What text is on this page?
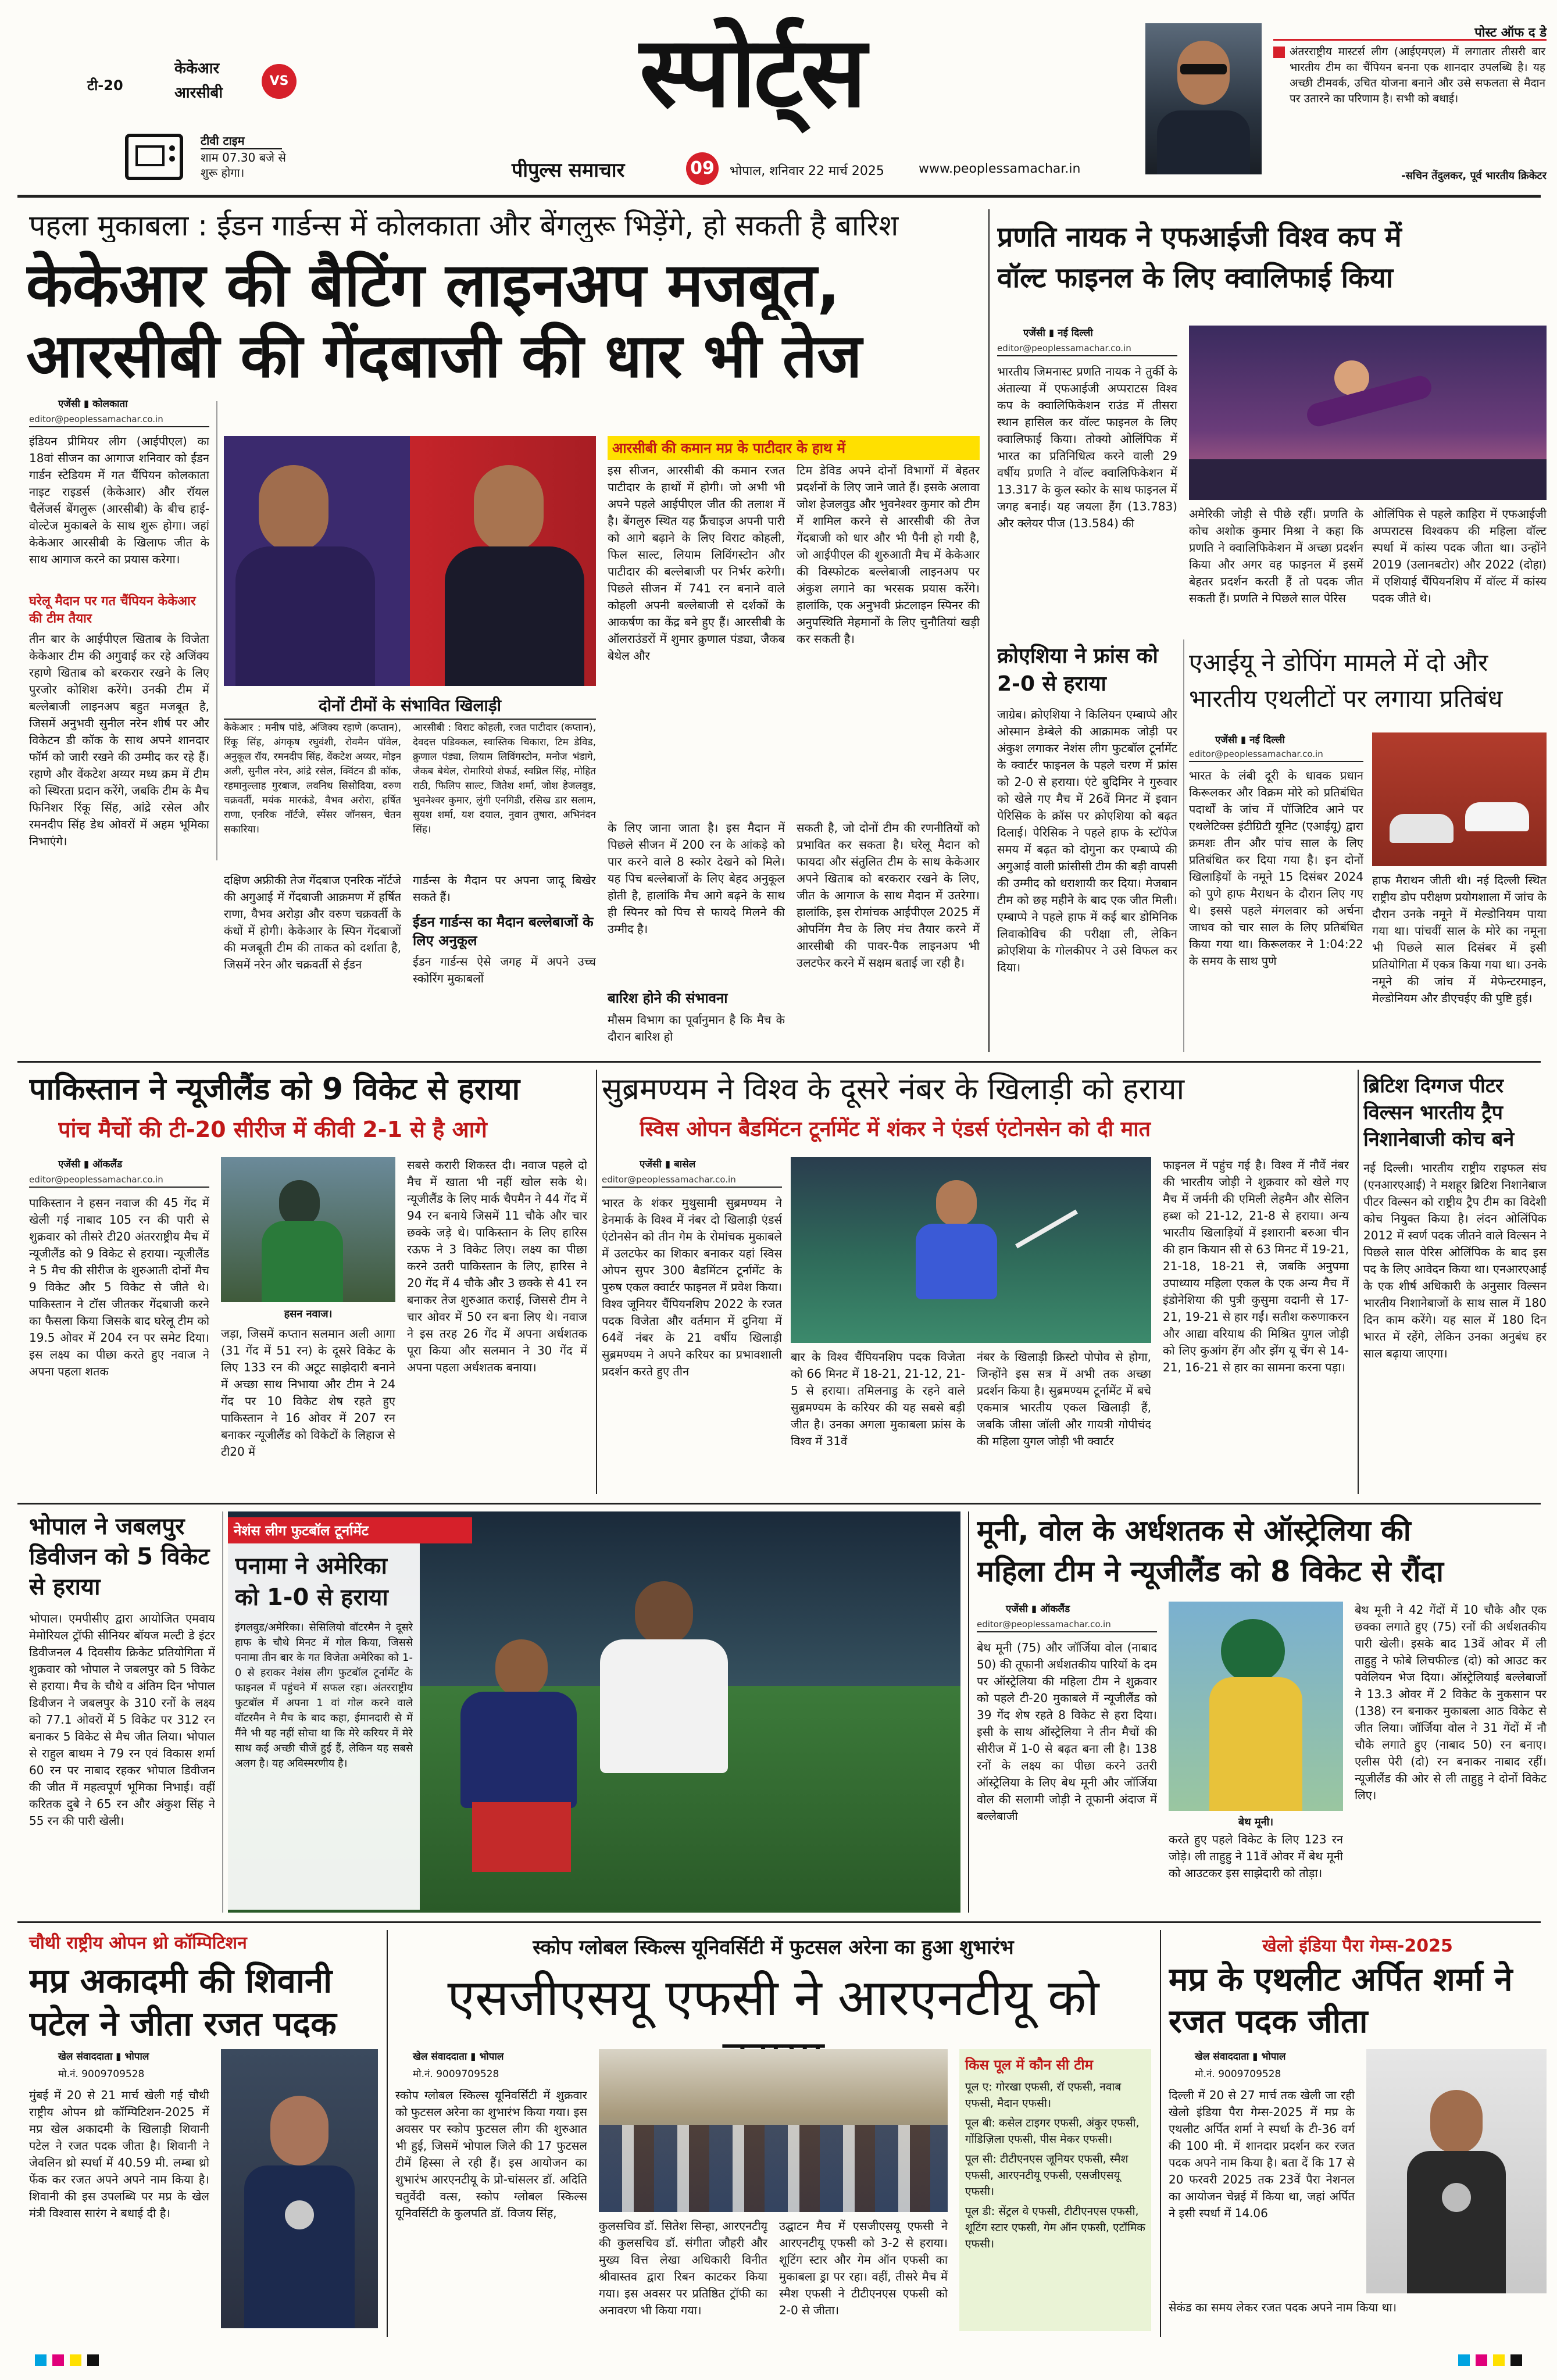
टी-20
केकेआर
आरसीबी
VS
टीवी टाइम
शाम 07.30 बजे से शुरू होगा।
स्पोर्ट्स
पीपुल्स समाचार	09	भोपाल, शनिवार 22 मार्च 2025	www.peoplessamachar.in
पोस्ट ऑफ द डे
अंतरराष्ट्रीय मास्टर्स लीग (आईएमएल) में लगातार तीसरी बार भारतीय टीम का चैंपियन बनना एक शानदार उपलब्धि है। यह अच्छी टीमवर्क, उचित योजना बनाने और उसे सफलता से मैदान पर उतारने का परिणाम है। सभी को बधाई।
-सचिन तेंदुलकर, पूर्व भारतीय क्रिकेटर
पहला मुकाबला : ईडन गार्डन्स में कोलकाता और बेंगलुरू भिड़ेंगे, हो सकती है बारिश
केकेआर की बैटिंग लाइनअप मजबूत,
आरसीबी की गेंदबाजी की धार भी तेज
एजेंसी ▮ कोलकाता
editor@peoplessamachar.co.in
इंडियन प्रीमियर लीग (आईपीएल) का 18वां सीजन का आगाज शनिवार को ईडन गार्डन स्टेडियम में गत चैंपियन कोलकाता नाइट राइडर्स (केकेआर) और रॉयल चैलेंजर्स बेंगलुरू (आरसीबी) के बीच हाई-वोल्टेज मुकाबले के साथ शुरू होगा। जहां केकेआर आरसीबी के खिलाफ जीत के साथ आगाज करने का प्रयास करेगा।
घरेलू मैदान पर गत चैंपियन केकेआर की टीम तैयार
तीन बार के आईपीएल खिताब के विजेता केकेआर टीम की अगुवाई कर रहे अजिंक्य रहाणे खिताब को बरकरार रखने के लिए पुरजोर कोशिश करेंगे। उनकी टीम में बल्लेबाजी लाइनअप बहुत मजबूत है, जिसमें अनुभवी सुनील नरेन शीर्ष पर और विकेटन डी कॉक के साथ अपने शानदार फॉर्म को जारी रखने की उम्मीद कर रहे हैं। रहाणे और वेंकटेश अय्यर मध्य क्रम में टीम को स्थिरता प्रदान करेंगे, जबकि टीम के मैच फिनिशर रिंकू सिंह, आंद्रे रसेल और रमनदीप सिंह डेथ ओवरों में अहम भूमिका निभाएंगे।
दोनों टीमों के संभावित खिलाड़ी
केकेआर : मनीष पांडे, अंजिक्य रहाणे (कप्तान), रिंकू सिंह, अंगकृष रघुवंशी, रोवमैन पॉवेल, अनुकूल रॉय, रमनदीप सिंह, वेंकटेश अय्यर, मोइन अली, सुनील नरेन, आंद्रे रसेल, क्विंटन डी कॉक, रहमानुल्लाह गुरबाज, लवनिथ सिसोदिया, वरुण चक्रवर्ती, मयंक मारकंडे, वैभव अरोरा, हर्षित राणा, एनरिक नॉर्टजे, स्पेंसर जॉनसन, चेतन सकारिया।
आरसीबी : विराट कोहली, रजत पाटीदार (कप्तान), देवदत्त पडिक्कल, स्वास्तिक चिकारा, टिम डेविड, क्रुणाल पंड्या, लियाम लिविंगस्टोन, मनोज भंडागे, जैकब बेथेल, रोमारियो शेफर्ड, स्वप्निल सिंह, मोहित राठी, फिलिप साल्ट, जितेश शर्मा, जोश हेजलवुड, भुवनेश्वर कुमार, लुंगी एनगिडी, रसिख डार सलाम, सुयश शर्मा, यश दयाल, नुवान तुषारा, अभिनंदन सिंह।
दक्षिण अफ्रीकी तेज गेंदबाज एनरिक नॉर्टजे की अगुआई में गेंदबाजी आक्रमण में हर्षित राणा, वैभव अरोड़ा और वरुण चक्रवर्ती के कंधों में होगी। केकेआर के स्पिन गेंदबाजों की मजबूती टीम की ताकत को दर्शाता है, जिसमें नरेन और चक्रवर्ती से ईडन
गार्डन्स के मैदान पर अपना जादू बिखेर सकते हैं।
ईडन गार्डन्स का मैदान बल्लेबाजों के लिए अनुकूल
ईडन गार्डन्स ऐसे जगह में अपने उच्च स्कोरिंग मुकाबलों
आरसीबी की कमान मप्र के पाटीदार के हाथ में
इस सीजन, आरसीबी की कमान रजत पाटीदार के हाथों में होगी। जो अभी भी अपने पहले आईपीएल जीत की तलाश में है। बेंगलुरु स्थित यह फ्रैंचाइज अपनी पारी को आगे बढ़ाने के लिए विराट कोहली, फिल साल्ट, लियाम लिविंगस्टोन और पाटीदार की बल्लेबाजी पर निर्भर करेगी। पिछले सीजन में 741 रन बनाने वाले कोहली अपनी बल्लेबाजी से दर्शकों के आकर्षण का केंद्र बने हुए हैं। आरसीबी के ऑलराउंडरों में शुमार क्रुणाल पंड्या, जैकब बेथेल और
टिम डेविड अपने दोनों विभागों में बेहतर प्रदर्शनों के लिए जाने जाते हैं। इसके अलावा जोश हेजलवुड और भुवनेश्वर कुमार को टीम में शामिल करने से आरसीबी की तेज गेंदबाजी को धार और भी पैनी हो गयी है, जो आईपीएल की शुरुआती मैच में केकेआर की विस्फोटक बल्लेबाजी लाइनअप पर अंकुश लगाने का भरसक प्रयास करेंगे। हालांकि, एक अनुभवी फ्रंटलाइन स्पिनर की अनुपस्थिति मेहमानों के लिए चुनौतियां खड़ी कर सकती है।
के लिए जाना जाता है। इस मैदान में पिछले सीजन में 200 रन के आंकड़े को पार करने वाले 8 स्कोर देखने को मिले। यह पिच बल्लेबाजों के लिए बेहद अनुकूल होती है, हालांकि मैच आगे बढ़ने के साथ ही स्पिनर को पिच से फायदे मिलने की उम्मीद है।
बारिश होने की संभावना
मौसम विभाग का पूर्वानुमान है कि मैच के दौरान बारिश हो
सकती है, जो दोनों टीम की रणनीतियों को प्रभावित कर सकता है। घरेलू मैदान को फायदा और संतुलित टीम के साथ केकेआर अपने खिताब को बरकरार रखने के लिए, जीत के आगाज के साथ मैदान में उतरेगा। हालांकि, इस रोमांचक आईपीएल 2025 में ओपनिंग मैच के लिए मंच तैयार करने में आरसीबी की पावर-पैक लाइनअप भी उलटफेर करने में सक्षम बताई जा रही है।
प्रणति नायक ने एफआईजी विश्व कप में
वॉल्ट फाइनल के लिए क्वालिफाई किया
एजेंसी ▮ नई दिल्ली
editor@peoplessamachar.co.in
भारतीय जिमनास्ट प्रणति नायक ने तुर्की के अंताल्या में एफआईजी अप्पराटस विश्व कप के क्वालिफिकेशन राउंड में तीसरा स्थान हासिल कर वॉल्ट फाइनल के लिए क्वालिफाई किया। तोक्यो ओलिंपिक में भारत का प्रतिनिधित्व करने वाली 29 वर्षीय प्रणति ने वॉल्ट क्वालिफिकेशन में 13.317 के कुल स्कोर के साथ फाइनल में जगह बनाई। यह जयला हैंग (13.783) और क्लेयर पीज (13.584) की
अमेरिकी जोड़ी से पीछे रहीं। प्रणति के कोच अशोक कुमार मिश्रा ने कहा कि प्रणति ने क्वालिफिकेशन में अच्छा प्रदर्शन किया और अगर वह फाइनल में इसमें बेहतर प्रदर्शन करती हैं तो पदक जीत सकती हैं। प्रणति ने पिछले साल पेरिस
ओलिंपिक से पहले काहिरा में एफआईजी अप्पराटस विश्वकप की महिला वॉल्ट स्पर्धा में कांस्य पदक जीता था। उन्होंने 2019 (उलानबटोर) और 2022 (दोहा) में एशियाई चैंपियनशिप में वॉल्ट में कांस्य पदक जीते थे।
क्रोएशिया ने फ्रांस को 2-0 से हराया
जाग्रेब। क्रोएशिया ने किलियन एम्बाप्पे और ओस्मान डेम्बेले की आक्रामक जोड़ी पर अंकुश लगाकर नेशंस लीग फुटबॉल टूर्नामेंट के क्वार्टर फाइनल के पहले चरण में फ्रांस को 2-0 से हराया। एंटे बुदिमिर ने गुरुवार को खेले गए मैच में 26वें मिनट में इवान पेरिसिक के क्रॉस पर क्रोएशिया को बढ़त दिलाई। पेरिसिक ने पहले हाफ के स्टॉपेज समय में बढ़त को दोगुना कर एम्बाप्पे की अगुआई वाली फ्रांसीसी टीम की बड़ी वापसी की उम्मीद को धराशायी कर दिया। मेजबान टीम को छह महीने के बाद एक जीत मिली। एम्बाप्पे ने पहले हाफ में कई बार डोमिनिक लिवाकोविच की परीक्षा ली, लेकिन क्रोएशिया के गोलकीपर ने उसे विफल कर दिया।
एआईयू ने डोपिंग मामले में दो और
भारतीय एथलीटों पर लगाया प्रतिबंध
एजेंसी ▮ नई दिल्ली
editor@peoplessamachar.co.in
भारत के लंबी दूरी के धावक प्रधान किरूलकर और विक्रम मोरे को प्रतिबंधित पदार्थों के जांच में पॉजिटिव आने पर एथलेटिक्स इंटीग्रिटी यूनिट (एआईयू) द्वारा क्रमशः तीन और पांच साल के लिए प्रतिबंधित कर दिया गया है। इन दोनों खिलाड़ियों के नमूने 15 दिसंबर 2024 को पुणे हाफ मैराथन के दौरान लिए गए थे। इससे पहले मंगलवार को अर्चना जाधव को चार साल के लिए प्रतिबंधित किया गया था। किरूलकर ने 1:04:22 के समय के साथ पुणे
हाफ मैराथन जीती थी। नई दिल्ली स्थित राष्ट्रीय डोप परीक्षण प्रयोगशाला में जांच के दौरान उनके नमूने में मेल्डोनियम पाया गया था। पांचवीं साल के मोरे का नमूना भी पिछले साल दिसंबर में इसी प्रतियोगिता में एकत्र किया गया था। उनके नमूने की जांच में मेफेन्टरमाइन, मेल्डोनियम और डीएचईए की पुष्टि हुई।
पाकिस्तान ने न्यूजीलैंड को 9 विकेट से हराया
पांच मैचों की टी-20 सीरीज में कीवी 2-1 से है आगे
एजेंसी ▮ ऑकलैंड
editor@peoplessamachar.co.in
पाकिस्तान ने हसन नवाज की 45 गेंद में खेली गई नाबाद 105 रन की पारी से शुक्रवार को तीसरे टी20 अंतरराष्ट्रीय मैच में न्यूजीलैंड को 9 विकेट से हराया। न्यूजीलैंड ने 5 मैच की सीरीज के शुरुआती दोनों मैच 9 विकेट और 5 विकेट से जीते थे। पाकिस्तान ने टॉस जीतकर गेंदबाजी करने का फैसला किया जिसके बाद घरेलू टीम को 19.5 ओवर में 204 रन पर समेट दिया। इस लक्ष्य का पीछा करते हुए नवाज ने अपना पहला शतक
हसन नवाज।
जड़ा, जिसमें कप्तान सलमान अली आगा (31 गेंद में 51 रन) के दूसरे विकेट के लिए 133 रन की अटूट साझेदारी बनाने में अच्छा साथ निभाया और टीम ने 24 गेंद पर 10 विकेट शेष रहते हुए पाकिस्तान ने 16 ओवर में 207 रन बनाकर न्यूजीलैंड को विकेटों के लिहाज से टी20 में
सबसे करारी शिकस्त दी। नवाज पहले दो मैच में खाता भी नहीं खोल सके थे। न्यूजीलैंड के लिए मार्क चैपमैन ने 44 गेंद में 94 रन बनाये जिसमें 11 चौके और चार छक्के जड़े थे। पाकिस्तान के लिए हारिस रऊफ ने 3 विकेट लिए। लक्ष्य का पीछा करने उतरी पाकिस्तान के लिए, हारिस ने 20 गेंद में 4 चौके और 3 छक्के से 41 रन बनाकर तेज शुरुआत कराई, जिससे टीम ने चार ओवर में 50 रन बना लिए थे। नवाज ने इस तरह 26 गेंद में अपना अर्धशतक पूरा किया और सलमान ने 30 गेंद में अपना पहला अर्धशतक बनाया।
सुब्रमण्यम ने विश्व के दूसरे नंबर के खिलाड़ी को हराया
स्विस ओपन बैडमिंटन टूर्नामेंट में शंकर ने एंडर्स एंटोनसेन को दी मात
एजेंसी ▮ बासेल
editor@peoplessamachar.co.in
भारत के शंकर मुथुसामी सुब्रमण्यम ने डेनमार्क के विश्व में नंबर दो खिलाड़ी एंडर्स एंटोनसेन को तीन गेम के रोमांचक मुकाबले में उलटफेर का शिकार बनाकर यहां स्विस ओपन सुपर 300 बैडमिंटन टूर्नामेंट के पुरुष एकल क्वार्टर फाइनल में प्रवेश किया। विश्व जूनियर चैंपियनशिप 2022 के रजत पदक विजेता और वर्तमान में दुनिया में 64वें नंबर के 21 वर्षीय खिलाड़ी सुब्रमण्यम ने अपने करियर का प्रभावशाली प्रदर्शन करते हुए तीन
बार के विश्व चैंपियनशिप पदक विजेता को 66 मिनट में 18-21, 21-12, 21-5 से हराया। तमिलनाडु के रहने वाले सुब्रमण्यम के करियर की यह सबसे बड़ी जीत है। उनका अगला मुकाबला फ्रांस के विश्व में 31वें
नंबर के खिलाड़ी क्रिस्टो पोपोव से होगा, जिन्होंने इस सत्र में अभी तक अच्छा प्रदर्शन किया है। सुब्रमण्यम टूर्नामेंट में बचे एकमात्र भारतीय एकल खिलाड़ी हैं, जबकि जीसा जॉली और गायत्री गोपीचंद की महिला युगल जोड़ी भी क्वार्टर
फाइनल में पहुंच गई है। विश्व में नौवें नंबर की भारतीय जोड़ी ने शुक्रवार को खेले गए मैच में जर्मनी की एमिली लेहमैन और सेलिन हब्श को 21-12, 21-8 से हराया। अन्य भारतीय खिलाड़ियों में इशारानी बरुआ चीन की हान कियान सी से 63 मिनट में 19-21, 21-18, 18-21 से, जबकि अनुपमा उपाध्याय महिला एकल के एक अन्य मैच में इंडोनेशिया की पुत्री कुसुमा वदानी से 17-21, 19-21 से हार गईं। सतीश करुणाकरन और आद्या वरियाथ की मिश्रित युगल जोड़ी को लिए कुआंग हेंग और झेंग यू चेंग से 14-21, 16-21 से हार का सामना करना पड़ा।
ब्रिटिश दिग्गज पीटर विल्सन भारतीय ट्रैप निशानेबाजी कोच बने
नई दिल्ली। भारतीय राष्ट्रीय राइफल संघ (एनआरएआई) ने मशहूर ब्रिटिश निशानेबाज पीटर विल्सन को राष्ट्रीय ट्रैप टीम का विदेशी कोच नियुक्त किया है। लंदन ओलिंपिक 2012 में स्वर्ण पदक जीतने वाले विल्सन ने पिछले साल पेरिस ओलिंपिक के बाद इस पद के लिए आवेदन किया था। एनआरएआई के एक शीर्ष अधिकारी के अनुसार विल्सन भारतीय निशानेबाजों के साथ साल में 180 दिन काम करेंगे। यह साल में 180 दिन भारत में रहेंगे, लेकिन उनका अनुबंध हर साल बढ़ाया जाएगा।
भोपाल ने जबलपुर डिवीजन को 5 विकेट से हराया
भोपाल। एमपीसीए द्वारा आयोजित एमवाय मेमोरियल ट्रॉफी सीनियर बॉयज मल्टी डे इंटर डिवीजनल 4 दिवसीय क्रिकेट प्रतियोगिता में शुक्रवार को भोपाल ने जबलपुर को 5 विकेट से हराया। मैच के चौथे व अंतिम दिन भोपाल डिवीजन ने जबलपुर के 310 रनों के लक्ष्य को 77.1 ओवरों में 5 विकेट पर 312 रन बनाकर 5 विकेट से मैच जीत लिया। भोपाल से राहुल बाथम ने 79 रन एवं विकास शर्मा 60 रन पर नाबाद रहकर भोपाल डिवीजन की जीत में महत्वपूर्ण भूमिका निभाई। वहीं करितक दुबे ने 65 रन और अंकुश सिंह ने 55 रन की पारी खेली।
नेशंस लीग फुटबॉल टूर्नामेंट
पनामा ने अमेरिका को 1-0 से हराया
इंगलवुड/अमेरिका। सेसिलियो वॉटरमैन ने दूसरे हाफ के चौथे मिनट में गोल किया, जिससे पनामा तीन बार के गत विजेता अमेरिका को 1-0 से हराकर नेशंस लीग फुटबॉल टूर्नामेंट के फाइनल में पहुंचने में सफल रहा। अंतरराष्ट्रीय फुटबॉल में अपना 1 वां गोल करने वाले वॉटरमैन ने मैच के बाद कहा, ईमानदारी से में मैंने भी यह नहीं सोचा था कि मेरे करियर में मेरे साथ कई अच्छी चीजें हुई हैं, लेकिन यह सबसे अलग है। यह अविस्मरणीय है।
मूनी, वोल के अर्धशतक से ऑस्ट्रेलिया की
महिला टीम ने न्यूजीलैंड को 8 विकेट से रौंदा
एजेंसी ▮ ऑकलैंड
editor@peoplessamachar.co.in
बेथ मूनी (75) और जॉर्जिया वोल (नाबाद 50) की तूफानी अर्धशतकीय पारियों के दम पर ऑस्ट्रेलिया की महिला टीम ने शुक्रवार को पहले टी-20 मुकाबले में न्यूजीलैंड को 39 गेंद शेष रहते 8 विकेट से हरा दिया। इसी के साथ ऑस्ट्रेलिया ने तीन मैचों की सीरीज में 1-0 से बढ़त बना ली है। 138 रनों के लक्ष्य का पीछा करने उतरी ऑस्ट्रेलिया के लिए बेथ मूनी और जॉर्जिया वोल की सलामी जोड़ी ने तूफानी अंदाज में बल्लेबाजी	बेथ मूनी।
करते हुए पहले विकेट के लिए 123 रन जोड़े। ली ताहुहु ने 11वें ओवर में बेथ मूनी को आउटकर इस साझेदारी को तोड़ा।
बेथ मूनी ने 42 गेंदों में 10 चौके और एक छक्का लगाते हुए (75) रनों की अर्धशतकीय पारी खेली। इसके बाद 13वें ओवर में ली ताहुहु ने फोबे लिचफील्ड (दो) को आउट कर पवेलियन भेज दिया। ऑस्ट्रेलियाई बल्लेबाजों ने 13.3 ओवर में 2 विकेट के नुकसान पर (138) रन बनाकर मुकाबला आठ विकेट से जीत लिया। जॉर्जिया वोल ने 31 गेंदों में नौ चौके लगाते हुए (नाबाद 50) रन बनाए। एलीस पेरी (दो) रन बनाकर नाबाद रहीं। न्यूजीलैंड की ओर से ली ताहुहु ने दोनों विकेट लिए।
चौथी राष्ट्रीय ओपन थ्रो कॉम्पिटिशन
मप्र अकादमी की शिवानी पटेल ने जीता रजत पदक
खेल संवाददाता ▮ भोपाल
मो.नं. 9009709528
मुंबई में 20 से 21 मार्च खेली गई चौथी राष्ट्रीय ओपन थ्रो कॉम्पिटिशन-2025 में मप्र खेल अकादमी के खिलाड़ी शिवानी पटेल ने रजत पदक जीता है। शिवानी ने जेवलिन थ्रो स्पर्धा में 40.59 मी. लम्बा थ्रो फेंक कर रजत अपने अपने नाम किया है। शिवानी की इस उपलब्धि पर मप्र के खेल मंत्री विश्वास सारंग ने बधाई दी है।
स्कोप ग्लोबल स्किल्स यूनिवर्सिटी में फुटसल अरेना का हुआ शुभारंभ
एसजीएसयू एफसी ने आरएनटीयू को
खेल संवाददाता ▮ भोपाल
मो.नं. 9009709528
स्कोप ग्लोबल स्किल्स यूनिवर्सिटी में शुक्रवार को फुटसल अरेना का शुभारंभ किया गया। इस अवसर पर स्कोप फुटसल लीग की शुरुआत भी हुई, जिसमें भोपाल जिले की 17 फुटसल टीमें हिस्सा ले रही हैं। इस आयोजन का शुभारंभ आरएनटीयू के प्रो-चांसलर डॉ. अदिति चतुर्वेदी वत्स, स्कोप ग्लोबल स्किल्स यूनिवर्सिटी के कुलपति डॉ. विजय सिंह,
कुलसचिव डॉ. सितेश सिन्हा, आरएनटीयू की कुलसचिव डॉ. संगीता जौहरी और मुख्य वित्त लेखा अधिकारी विनीत श्रीवास्तव द्वारा रिबन काटकर किया गया। इस अवसर पर प्रतिष्ठित ट्रॉफी का अनावरण भी किया गया।
उद्घाटन मैच में एसजीएसयू एफसी ने आरएनटीयू एफसी को 3-2 से हराया। शूटिंग स्टार और गेम ऑन एफसी का मुकाबला ड्रा पर रहा। वहीं, तीसरे मैच में स्मैश एफसी ने टीटीएनएस एफसी को 2-0 से जीता।
किस पूल में कौन सी टीम
पूल ए: गोरखा एफसी, रॉ एफसी, नवाब एफसी, मैदान एफसी।
पूल बी: कसेल टाइगर एफसी, अंकुर एफसी, गोंडिज़िला एफसी, पीस मेकर एफसी।
पूल सी: टीटीएनएस जूनियर एफसी, स्मैश एफसी, आरएनटीयू एफसी, एसजीएसयू एफसी।
पूल डी: सेंट्रल वे एफसी, टीटीएनएस एफसी, शूटिंग स्टार एफसी, गेम ऑन एफसी, एटॉमिक एफसी।
खेलो इंडिया पैरा गेम्स-2025
मप्र के एथलीट अर्पित शर्मा ने रजत पदक जीता
खेल संवाददाता ▮ भोपाल
मो.नं. 9009709528
दिल्ली में 20 से 27 मार्च तक खेली जा रही खेलो इंडिया पैरा गेम्स-2025 में मप्र के एथलीट अर्पित शर्मा ने स्पर्धा के टी-36 वर्ग की 100 मी. में शानदार प्रदर्शन कर रजत पदक अपने नाम किया है। बता दें कि 17 से 20 फरवरी 2025 तक 23वें पैरा नेशनल का आयोजन चेन्नई में किया था, जहां अर्पित ने इसी स्पर्धा में 14.06
सेकंड का समय लेकर रजत पदक अपने नाम किया था।
